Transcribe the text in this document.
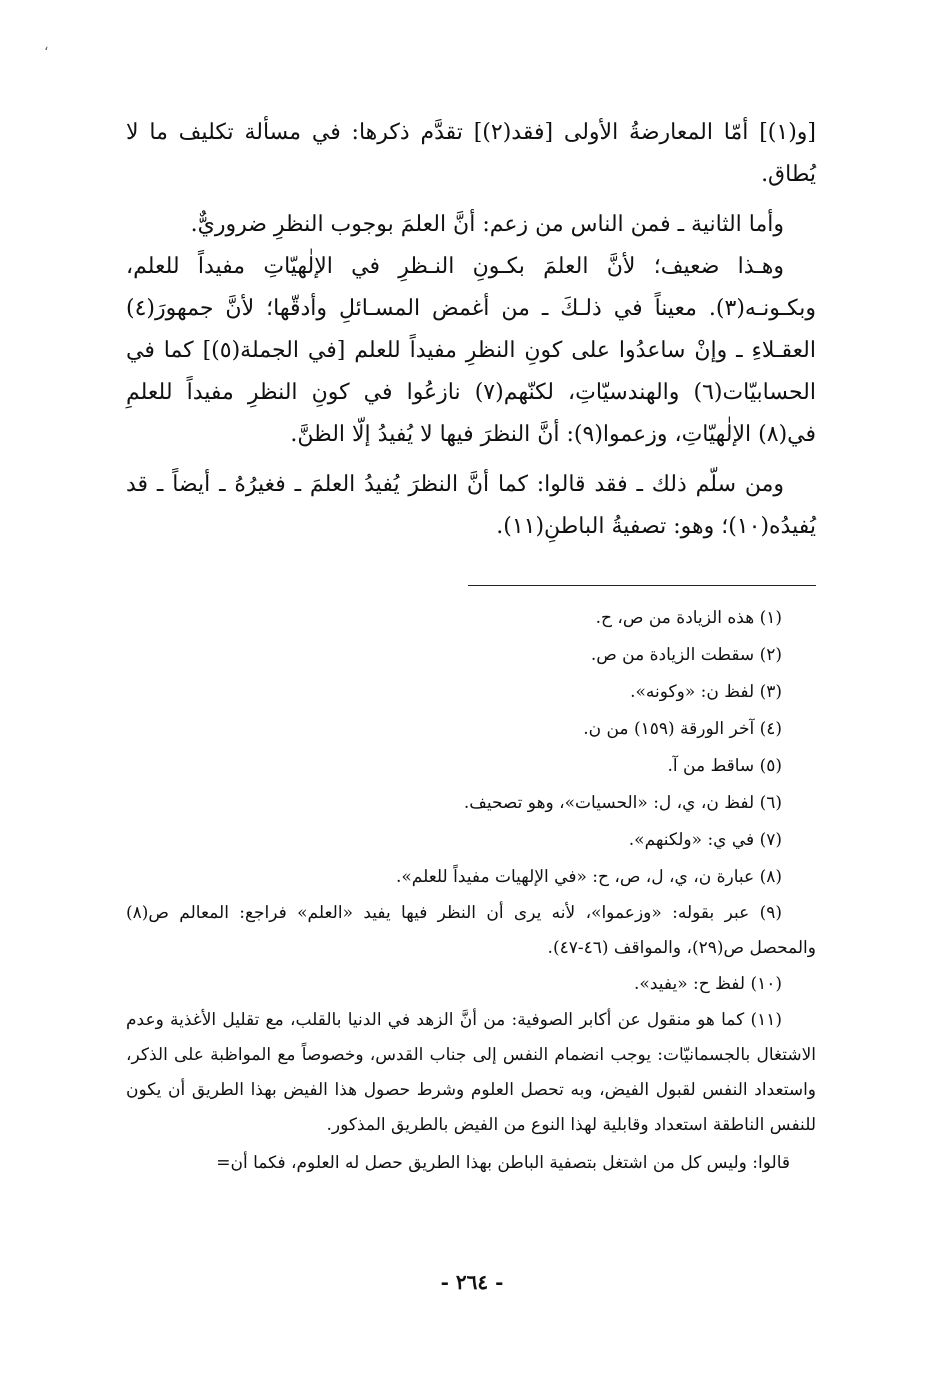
،

[و(١)] أمّا المعارضةُ الأولى [فقد(٢)] تقدَّم ذكرها: في مسألة تكليف ما لا يُطاق.

وأما الثانية ـ فمن الناس من زعم: أنَّ العلمَ بوجوب النظرِ ضروريٌّ.

وهـذا ضعيف؛ لأنَّ العلمَ بكـونِ النـظرِ في الإلٰهيّاتِ مفيداً للعلم، وبكـونـه(٣). معيناً في ذلـكَ ـ من أغمض المسـائلِ وأدقّها؛ لأنَّ جمهورَ(٤) العقـلاءِ ـ وإنْ ساعدُوا على كونِ النظرِ مفيداً للعلم [في الجملة(٥)] كما في الحسابيّات(٦) والهندسيّاتِ، لكنّهم(٧) نازعُوا في كونِ النظرِ مفيداً للعلمِ في(٨) الإلٰهيّاتِ، وزعموا(٩): أنَّ النظرَ فيها لا يُفيدُ إلّا الظنَّ.

ومن سلّم ذلك ـ فقد قالوا: كما أنَّ النظرَ يُفيدُ العلمَ ـ فغيرُهُ ـ أيضاً ـ قد يُفيدُه(١٠)؛ وهو: تصفيةُ الباطنِ(١١).

(١) هذه الزيادة من ص، ح.

(٢) سقطت الزيادة من ص.

(٣) لفظ ن: «وكونه».

(٤) آخر الورقة (١٥٩) من ن.

(٥) ساقط من آ.

(٦) لفظ ن، ي، ل: «الحسيات»، وهو تصحيف.

(٧) في ي: «ولكنهم».

(٨) عبارة ن، ي، ل، ص، ح: «في الإلهيات مفيداً للعلم».

(٩) عبر بقوله: «وزعموا»، لأنه يرى أن النظر فيها يفيد «العلم» فراجع: المعالم ص(٨) والمحصل ص(٢٩)، والمواقف (٤٦-٤٧).

(١٠) لفظ ح: «يفيد».

(١١) كما هو منقول عن أكابر الصوفية: من أنَّ الزهد في الدنيا بالقلب، مع تقليل الأغذية وعدم الاشتغال بالجسمانيّات: يوجب انضمام النفس إلى جناب القدس، وخصوصاً مع المواظبة على الذكر، واستعداد النفس لقبول الفيض، وبه تحصل العلوم وشرط حصول هذا الفيض بهذا الطريق أن يكون للنفس الناطقة استعداد وقابلية لهذا النوع من الفيض بالطريق المذكور.

قالوا: وليس كل من اشتغل بتصفية الباطن بهذا الطريق حصل له العلوم، فكما أن=

- ٢٦٤ -
